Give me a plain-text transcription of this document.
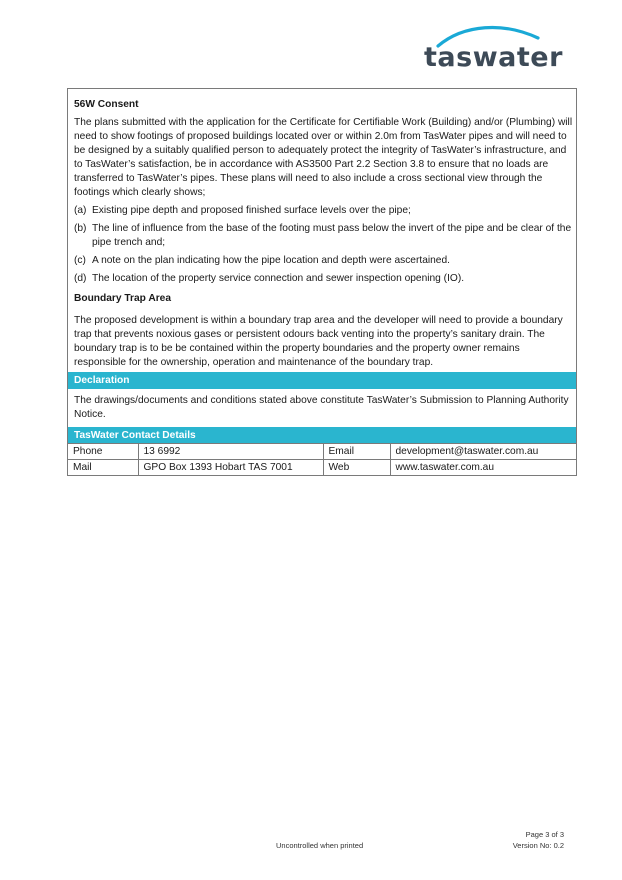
taswater
56W Consent
The plans submitted with the application for the Certificate for Certifiable Work (Building) and/or (Plumbing) will need to show footings of proposed buildings located over or within 2.0m from TasWater pipes and will need to be designed by a suitably qualified person to adequately protect the integrity of TasWater’s infrastructure, and to TasWater’s satisfaction, be in accordance with AS3500 Part 2.2 Section 3.8 to ensure that no loads are transferred to TasWater’s pipes. These plans will need to also include a cross sectional view through the footings which clearly shows;
(a) Existing pipe depth and proposed finished surface levels over the pipe;
(b) The line of influence from the base of the footing must pass below the invert of the pipe and be clear of the pipe trench and;
(c) A note on the plan indicating how the pipe location and depth were ascertained.
(d) The location of the property service connection and sewer inspection opening (IO).
Boundary Trap Area
The proposed development is within a boundary trap area and the developer will need to provide a boundary trap that prevents noxious gases or persistent odours back venting into the property’s sanitary drain. The boundary trap is to be be contained within the property boundaries and the property owner remains responsible for the ownership, operation and maintenance of the boundary trap.
Declaration
The drawings/documents and conditions stated above constitute TasWater’s Submission to Planning Authority Notice.
TasWater Contact Details
Phone	13 6992	Email	development@taswater.com.au
Mail	GPO Box 1393 Hobart TAS 7001	Web	www.taswater.com.au
Uncontrolled when printed
Page 3 of 3
Version No: 0.2
